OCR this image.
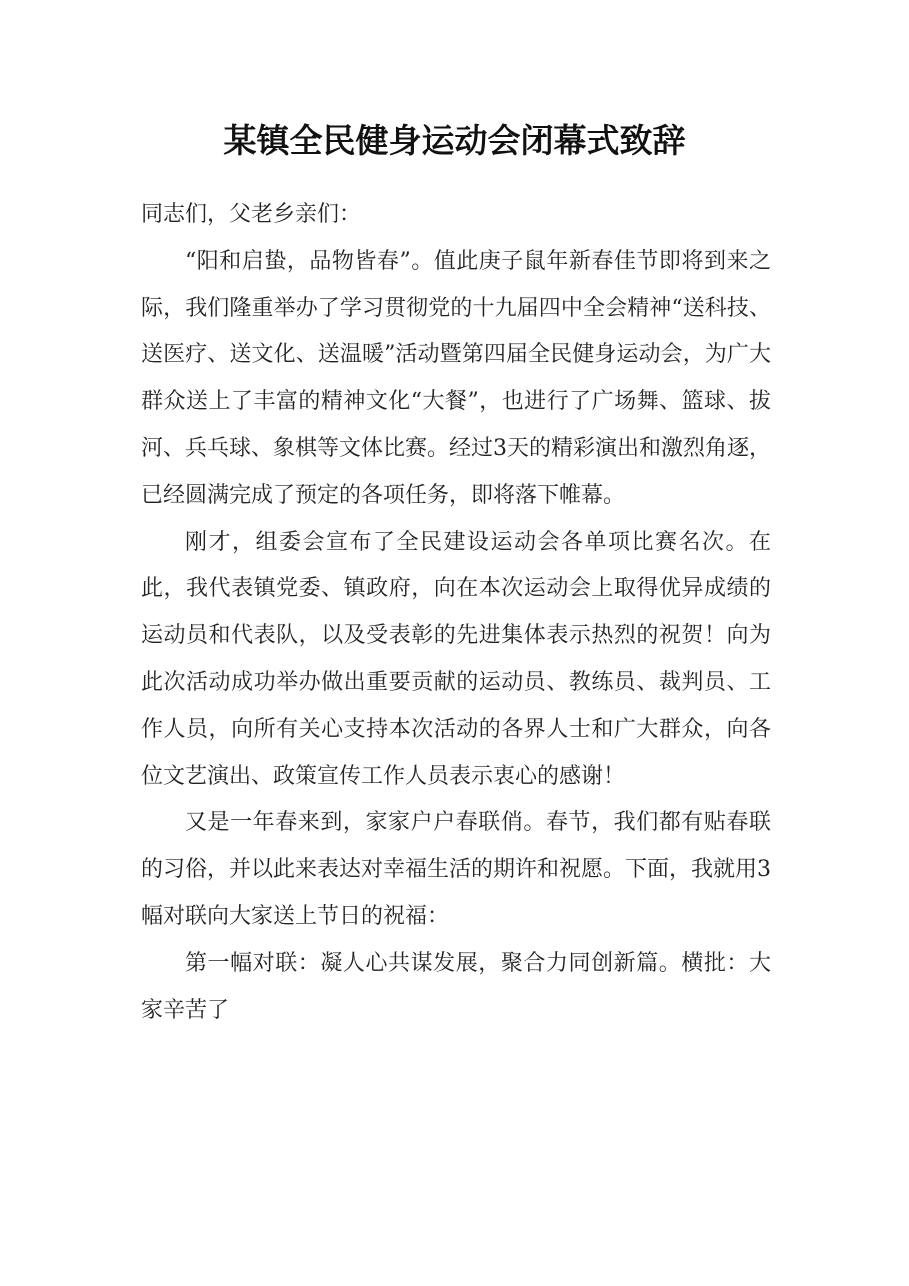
某镇全民健身运动会闭幕式致辞

同志们，父老乡亲们：

“阳和启蛰，品物皆春”。值此庚子鼠年新春佳节即将到来之际，我们隆重举办了学习贯彻党的十九届四中全会精神“送科技、送医疗、送文化、送温暖”活动暨第四届全民健身运动会，为广大群众送上了丰富的精神文化“大餐”，也进行了广场舞、篮球、拔河、兵乓球、象棋等文体比赛。经过3天的精彩演出和激烈角逐，已经圆满完成了预定的各项任务，即将落下帷幕。

刚才，组委会宣布了全民建设运动会各单项比赛名次。在此，我代表镇党委、镇政府，向在本次运动会上取得优异成绩的运动员和代表队，以及受表彰的先进集体表示热烈的祝贺！向为此次活动成功举办做出重要贡献的运动员、教练员、裁判员、工作人员，向所有关心支持本次活动的各界人士和广大群众，向各位文艺演出、政策宣传工作人员表示衷心的感谢！

又是一年春来到，家家户户春联俏。春节，我们都有贴春联的习俗，并以此来表达对幸福生活的期许和祝愿。下面，我就用3幅对联向大家送上节日的祝福：

第一幅对联：凝人心共谋发展，聚合力同创新篇。横批：大家辛苦了
